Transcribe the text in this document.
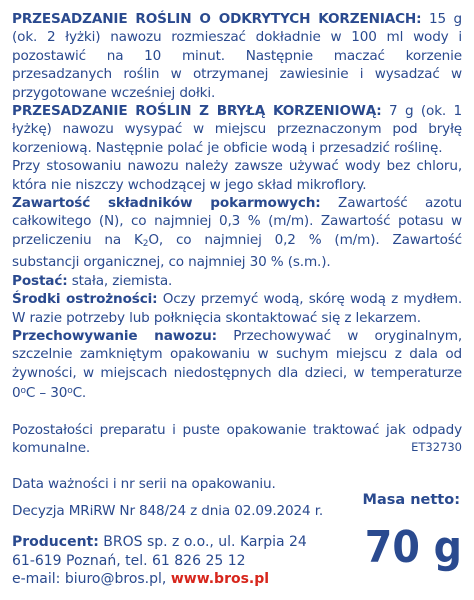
PRZESADZANIE ROŚLIN O ODKRYTYCH KORZENIACH: 15 g (ok. 2 łyżki) nawozu rozmieszać dokładnie w 100 ml wody i pozostawić na 10 minut. Następnie maczać korzenie przesadzanych roślin w otrzymanej zawiesinie i wysadzać w przygotowane wcześniej dołki.

PRZESADZANIE ROŚLIN Z BRYŁĄ KORZENIOWĄ: 7 g (ok. 1 łyżkę) nawozu wysypać w miejscu przeznaczonym pod bryłę korzeniową. Następnie polać je obficie wodą i przesadzić roślinę.

Przy stosowaniu nawozu należy zawsze używać wody bez chloru, która nie niszczy wchodzącej w jego skład mikroflory.

Zawartość składników pokarmowych: Zawartość azotu całkowitego (N), co najmniej 0,3 % (m/m). Zawartość potasu w przeliczeniu na $K_2O$, co najmniej 0,2 % (m/m). Zawartość substancji organicznej, co najmniej 30 % (s.m.).

Postać: stała, ziemista.

Środki ostrożności: Oczy przemyć wodą, skórę wodą z mydłem. W razie potrzeby lub połknięcia skontaktować się z lekarzem.

Przechowywanie nawozu: Przechowywać w oryginalnym, szczelnie zamkniętym opakowaniu w suchym miejscu z dala od żywności, w miejscach niedostępnych dla dzieci, w temperaturze 0$^o$C – 30$^o$C.

Pozostałości preparatu i puste opakowanie traktować jak odpady komunalne.

Data ważności i nr serii na opakowaniu.

Decyzja MRiRW Nr 848/24 z dnia 02.09.2024 r.

ET32730
Masa netto:
70 g
Producent: BROS sp. z o.o., ul. Karpia 24
61-619 Poznań, tel. 61 826 25 12
e-mail: biuro@bros.pl, www.bros.pl
